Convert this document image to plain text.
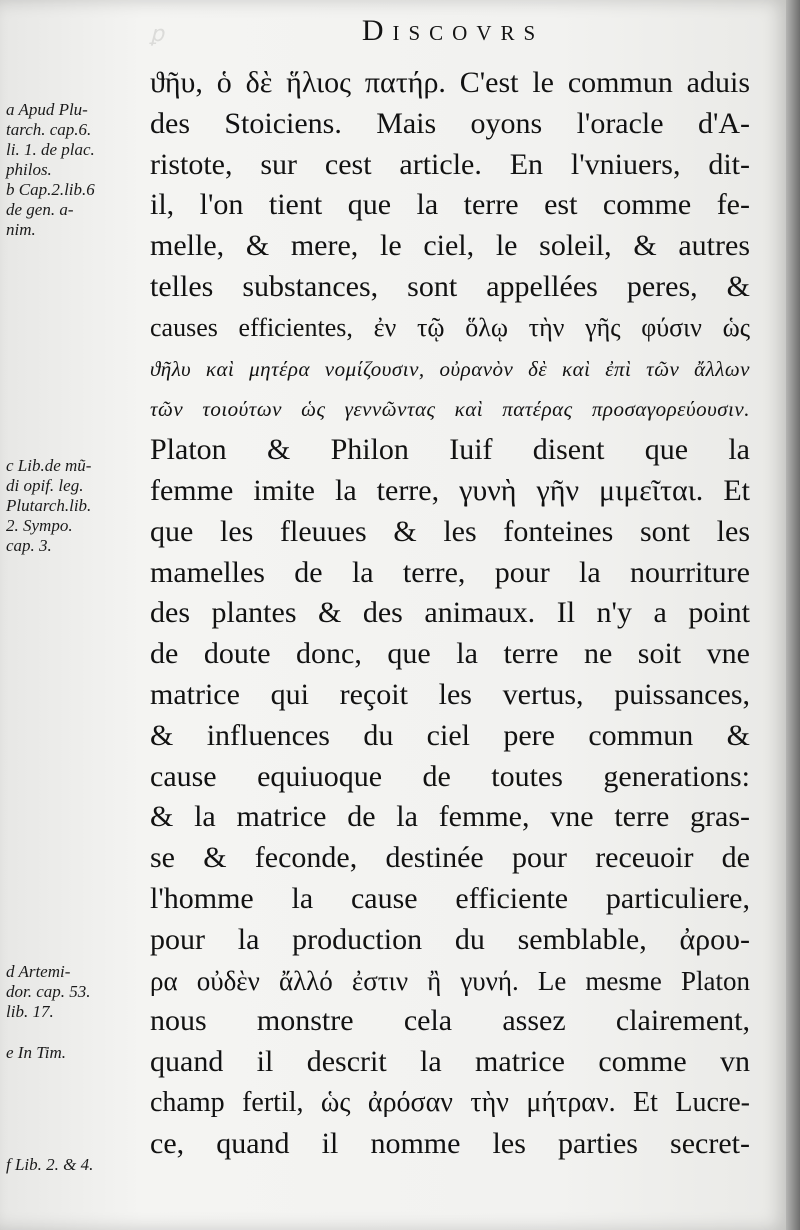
ꝑ	Discovrs
a Apud Plu-
tarch. cap.6.
li. 1. de plac.
philos.
b Cap.2.lib.6
de gen. a-
nim.
c Lib.de mũ-
di opif. leg.
Plutarch.lib.
2. Sympo.
cap. 3.
d Artemi-
dor. cap. 53.
lib. 17.
e In Tim.
f Lib. 2. & 4.
ϑῆυ, ὁ δὲ ἥλιος πατήρ. C'est le commun aduis
des Stoiciens. Mais oyons l'oracle d'A-
ristote, sur cest article. En l'vniuers, dit-
il, l'on tient que la terre est comme fe-
melle, & mere, le ciel, le soleil, & autres
telles substances, sont appellées peres, &
causes efficientes, ἐν τῷ ὅλῳ τὴν γῆς φύσιν ὡς
ϑῆλυ καὶ μητέρα νομίζουσιν, οὐρανὸν δὲ καὶ ἐπὶ τῶν ἄλλων
τῶν τοιούτων ὡς γεννῶντας καὶ πατέρας προσαγορεύουσιν.
Platon & Philon Iuif disent que la
femme imite la terre, γυνὴ γῆν μιμεῖται. Et
que les fleuues & les fonteines sont les
mamelles de la terre, pour la nourriture
des plantes & des animaux. Il n'y a point
de doute donc, que la terre ne soit vne
matrice qui reçoit les vertus, puissances,
& influences du ciel pere commun &
cause equiuoque de toutes generations:
& la matrice de la femme, vne terre gras-
se & feconde, destinée pour receuoir de
l'homme la cause efficiente particuliere,
pour la production du semblable, ἀρου-
ρα οὐδὲν ἄλλό ἐστιν ἢ γυνή. Le mesme Platon
nous monstre cela assez clairement,
quand il descrit la matrice comme vn
champ fertil, ὡς ἀρόσαν τὴν μήτραν. Et Lucre-
ce, quand il nomme les parties secret-
